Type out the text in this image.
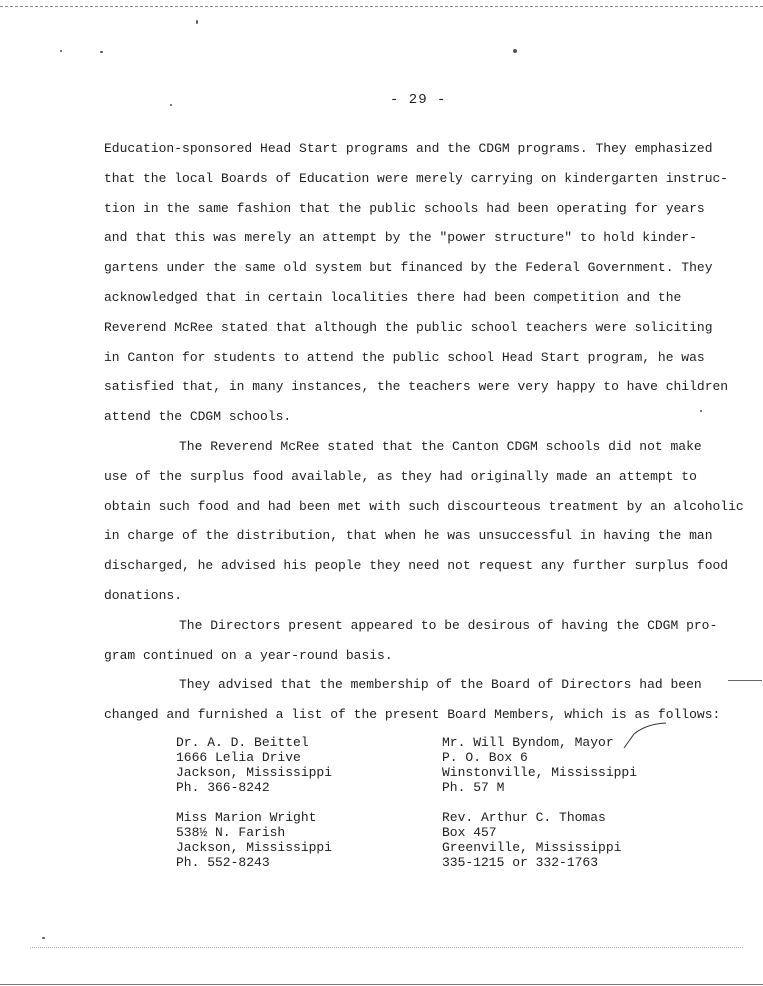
- 29 -

Education-sponsored Head Start programs and the CDGM programs. They emphasized

that the local Boards of Education were merely carrying on kindergarten instruc-

tion in the same fashion that the public schools had been operating for years

and that this was merely an attempt by the "power structure" to hold kinder-

gartens under the same old system but financed by the Federal Government. They

acknowledged that in certain localities there had been competition and the

Reverend McRee stated that although the public school teachers were soliciting

in Canton for students to attend the public school Head Start program, he was

satisfied that, in many instances, the teachers were very happy to have children

attend the CDGM schools.

The Reverend McRee stated that the Canton CDGM schools did not make

use of the surplus food available, as they had originally made an attempt to

obtain such food and had been met with such discourteous treatment by an alcoholic

in charge of the distribution, that when he was unsuccessful in having the man

discharged, he advised his people they need not request any further surplus food

donations.

The Directors present appeared to be desirous of having the CDGM pro-

gram continued on a year-round basis.

They advised that the membership of the Board of Directors had been

changed and furnished a list of the present Board Members, which is as follows:

Dr. A. D. Beittel
1666 Lelia Drive
Jackson, Mississippi
Ph. 366-8242
Miss Marion Wright
538½ N. Farish
Jackson, Mississippi
Ph. 552-8243
Mr. Will Byndom, Mayor
P. O. Box 6
Winstonville, Mississippi
Ph. 57 M
Rev. Arthur C. Thomas
Box 457
Greenville, Mississippi
335-1215 or 332-1763
